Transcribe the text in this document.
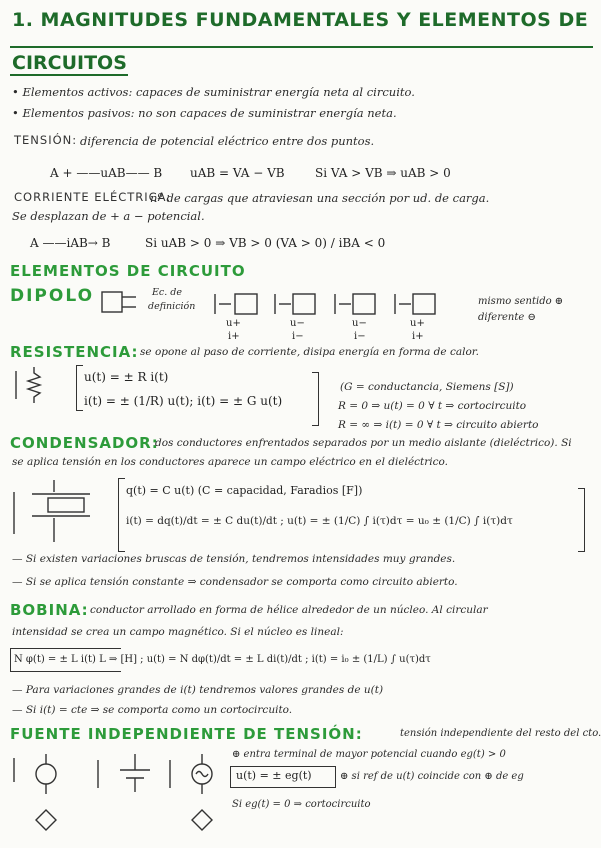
1. MAGNITUDES FUNDAMENTALES Y ELEMENTOS DE
CIRCUITOS
• Elementos activos: capaces de suministrar energía neta al circuito.
• Elementos pasivos: no son capaces de suministrar energía neta.
TENSIÓN: diferencia de potencial eléctrico entre dos puntos.
A + ——uAB—— B uAB = VA − VB	Si VA > VB ⇒ uAB > 0
CORRIENTE ELÉCTRICA:
nº de cargas que atraviesan una sección por ud. de carga.
Se desplazan de + a − potencial.
A ——iAB→ B	Si uAB > 0 ⇒ VB > 0 (VA > 0) / iBA < 0
ELEMENTOS DE CIRCUITO
DIPOLO	Ec. de
definición
u+
i+
u−
i−
u−
i−
u+
i+
mismo sentido ⊕
diferente ⊖
RESISTENCIA: se opone al paso de corriente, disipa energía en forma de calor.
u(t) = ± R i(t)
i(t) = ± (1/R) u(t); i(t) = ± G u(t)
(G = conductancia, Siemens [S])
R = 0 ⇒ u(t) = 0 ∀ t ⇒ cortocircuito
R = ∞ ⇒ i(t) = 0 ∀ t ⇒ circuito abierto
CONDENSADOR:
dos conductores enfrentados separados por un medio aislante (dieléctrico). Si
se aplica tensión en los conductores aparece un campo eléctrico en el dieléctrico.
q(t) = C u(t) (C = capacidad, Faradios [F])
i(t) = dq(t)/dt = ± C du(t)/dt ; u(t) = ± (1/C) ∫ i(τ)dτ = u₀ ± (1/C) ∫ i(τ)dτ
— Si existen variaciones bruscas de tensión, tendremos intensidades muy grandes.
— Si se aplica tensión constante ⇒ condensador se comporta como circuito abierto.
BOBINA: conductor arrollado en forma de hélice alrededor de un núcleo. Al circular
intensidad se crea un campo magnético. Si el núcleo es lineal:
N φ(t) = ± L i(t) L ⇒ [H] ; u(t) = N dφ(t)/dt = ± L di(t)/dt ; i(t) = i₀ ± (1/L) ∫ u(τ)dτ
— Para variaciones grandes de i(t) tendremos valores grandes de u(t)
— Si i(t) = cte ⇒ se comporta como un cortocircuito.
FUENTE INDEPENDIENTE DE TENSIÓN:	tensión independiente del resto del cto.
⊕ entra terminal de mayor potencial cuando eg(t) > 0
u(t) = ± eg(t)	⊕ si ref de u(t) coincide con ⊕ de eg
Si eg(t) = 0 ⇒ cortocircuito
